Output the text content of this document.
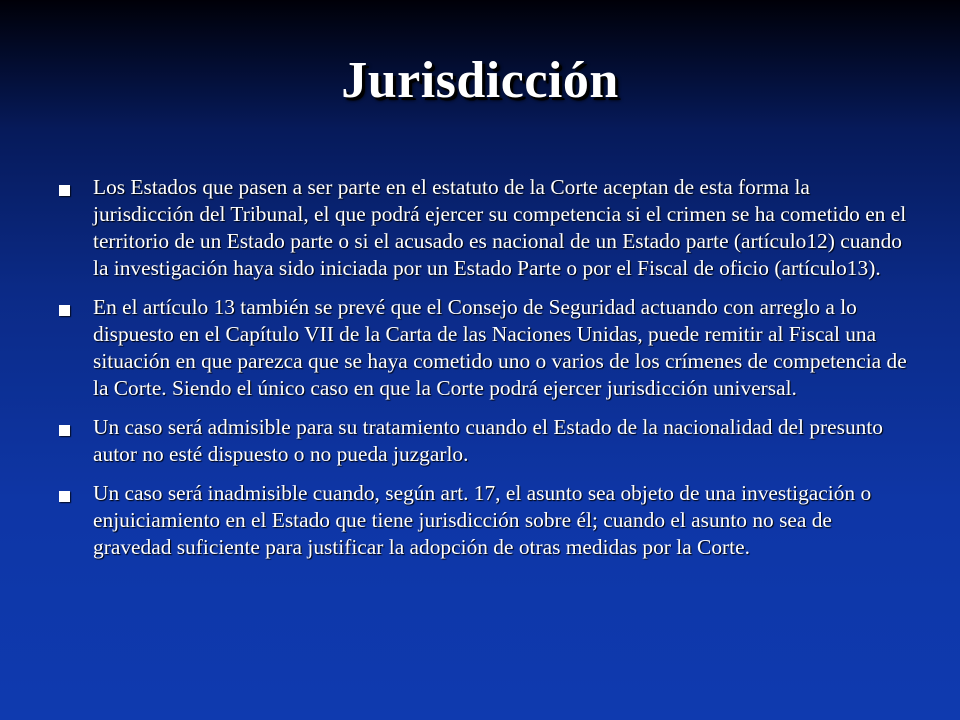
Jurisdicción
Los Estados que pasen a ser parte en el estatuto de la Corte aceptan de esta forma la jurisdicción del Tribunal, el que podrá ejercer su competencia si el crimen se ha cometido en el territorio de un Estado parte o si el acusado es nacional de un Estado parte (artículo12) cuando la investigación haya sido iniciada por un Estado Parte o por el Fiscal de oficio (artículo13).
En el artículo 13 también se prevé que el Consejo de Seguridad actuando con arreglo a lo dispuesto en el Capítulo VII de la Carta de las Naciones Unidas, puede remitir al Fiscal una situación en que parezca que se haya cometido uno o varios de los crímenes de competencia de la Corte. Siendo el único caso en que la Corte podrá ejercer jurisdicción universal.
Un caso será admisible para su tratamiento cuando el Estado de la nacionalidad del presunto autor no esté dispuesto o no pueda juzgarlo.
Un caso será inadmisible cuando, según art. 17, el asunto sea objeto de una investigación o enjuiciamiento en el Estado que tiene jurisdicción sobre él; cuando el asunto no sea de gravedad suficiente para justificar la adopción de otras medidas por la Corte.
